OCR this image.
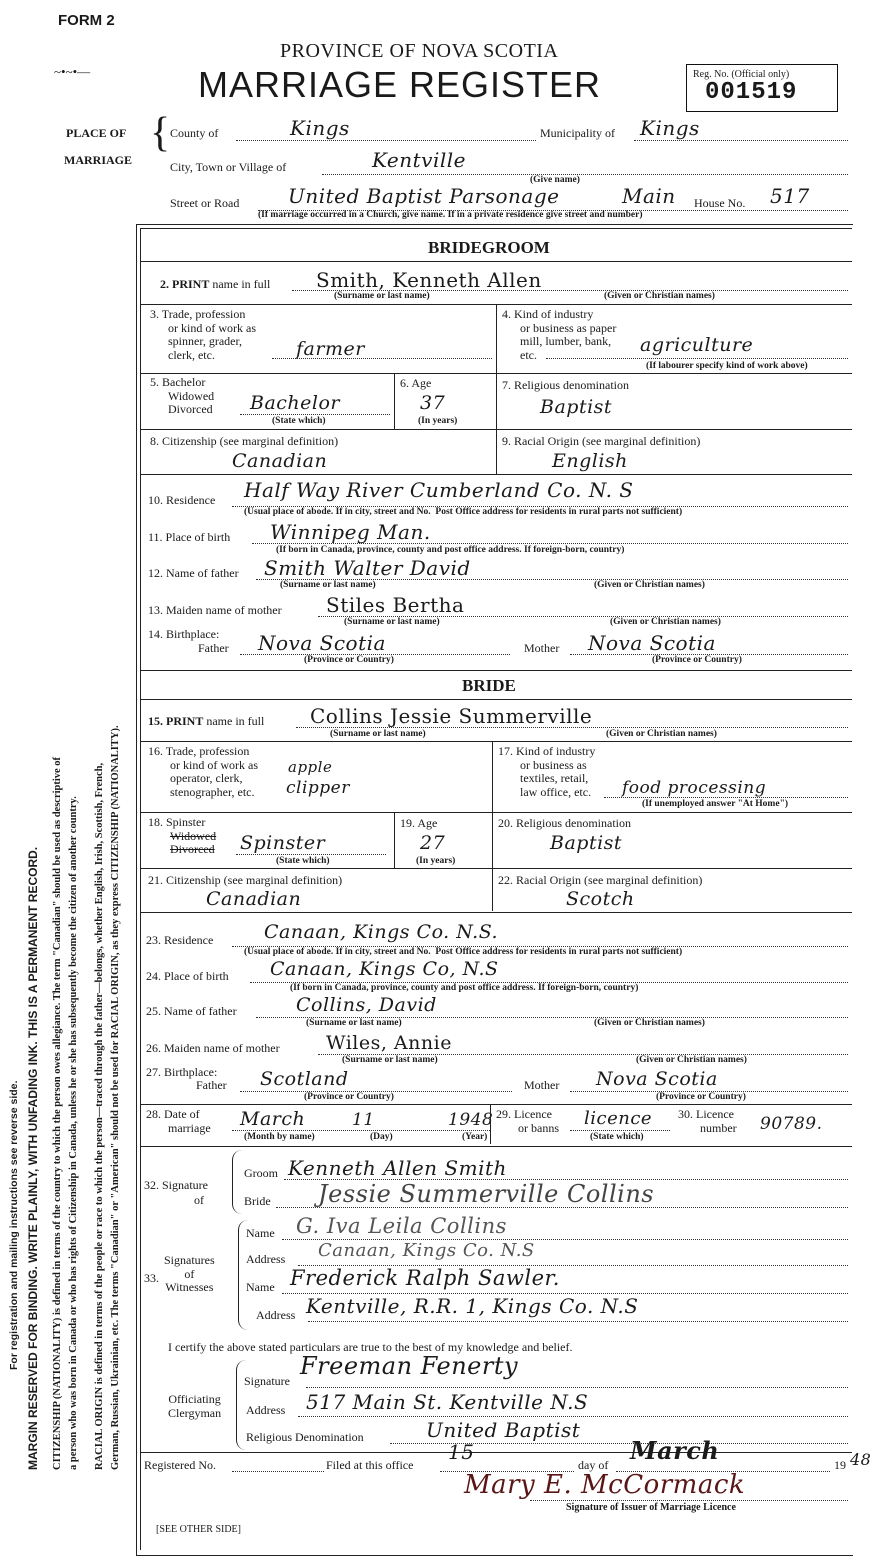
FORM 2
~•~•—
PROVINCE OF NOVA SCOTIA
MARRIAGE REGISTER	Reg. No. (Official only)
001519
PLACE OF
MARRIAGE
{ County of	Kings	Municipality of Kings
City, Town or Village of	Kentville
(Give name)
Street or Road United Baptist Parsonage	Main House No. 517
(If marriage occurred in a Church, give name. If in a private residence give street and number)
For registration and mailing instructions see reverse side. MARGIN RESERVED FOR BINDING. WRITE PLAINLY, WITH UNFADING INK. THIS IS A PERMANENT RECORD. CITIZENSHIP (NATIONALITY) is defined in terms of the country to which the person owes allegiance. The term "Canadian" should be used as descriptive of a person who was born in Canada or who has rights of Citizenship in Canada, unless he or she has subsequently become the citizen of another country. RACIAL ORIGIN is defined in terms of the people or race to which the person—traced through the father—belongs, whether English, Irish, Scottish, French, German, Russian, Ukrainian, etc. The terms "Canadian" or "American" should not be used for RACIAL ORIGIN, as they express CITIZENSHIP (NATIONALITY).
BRIDEGROOM
2. PRINT name in full Smith, Kenneth Allen
(Surname or last name)	(Given or Christian names)
3. Trade, profession
or kind of work as
spinner, grader,
clerk, etc.	farmer
4. Kind of industry
or business as paper
mill, lumber, bank,
etc.	agriculture
(If labourer specify kind of work above)
5. Bachelor
Widowed
Divorced Bachelor
(State which)
6. Age
37
(In years)
7. Religious denomination
Baptist
8. Citizenship (see marginal definition)
Canadian
9. Racial Origin (see marginal definition)
English
10. Residence Half Way River Cumberland Co. N. S
(Usual place of abode. If in city, street and No. Post Office address for residents in rural parts not sufficient)
11. Place of birth Winnipeg Man.
(If born in Canada, province, county and post office address. If foreign-born, country)
12. Name of father Smith Walter David
(Surname or last name)	(Given or Christian names)
13. Maiden name of mother Stiles Bertha
(Surname or last name)	(Given or Christian names)
14. Birthplace:
Father Nova Scotia
(Province or Country)
Mother Nova Scotia
(Province or Country)
BRIDE
15. PRINT name in full Collins Jessie Summerville
(Surname or last name)	(Given or Christian names)
16. Trade, profession
or kind of work as
operator, clerk,
stenographer, etc.
apple
clipper
17. Kind of industry
or business as
textiles, retail,
law office, etc. food processing
(If unemployed answer "At Home")
18. Spinster
Widowed
Divorced Spinster
(State which)
19. Age
27
(In years)
20. Religious denomination
Baptist
21. Citizenship (see marginal definition)
Canadian
22. Racial Origin (see marginal definition)
Scotch
23. Residence	Canaan, Kings Co. N.S.
(Usual place of abode. If in city, street and No. Post Office address for residents in rural parts not sufficient)
24. Place of birth Canaan, Kings Co, N.S
(If born in Canada, province, county and post office address. If foreign-born, country)
25. Name of father	Collins, David
(Surname or last name)	(Given or Christian names)
26. Maiden name of mother Wiles, Annie
(Surname or last name)	(Given or Christian names)
27. Birthplace:
Father Scotland
(Province or Country)
Mother Nova Scotia
(Province or Country)
28. Date of
marriage March	11	1948
(Month by name)	(Day)	(Year)
29. Licence
or banns licence
(State which)
30. Licence
number 90789.
32. Signature
of
Groom Kenneth Allen Smith
Bride Jessie Summerville Collins
33.
Signatures
of
Witnesses
Name G. Iva Leila Collins
Address Canaan, Kings Co. N.S
Name Frederick Ralph Sawler.
Address Kentville, R.R. 1, Kings Co. N.S
I certify the above stated particulars are true to the best of my knowledge and belief.
Officiating
Clergyman
Signature
Freeman Fenerty
Address 517 Main St. Kentville N.S
Religious Denomination	United Baptist
Registered No.	Filed at this office
15
day of March	19 48
Mary E. McCormack
Signature of Issuer of Marriage Licence
[SEE OTHER SIDE]
